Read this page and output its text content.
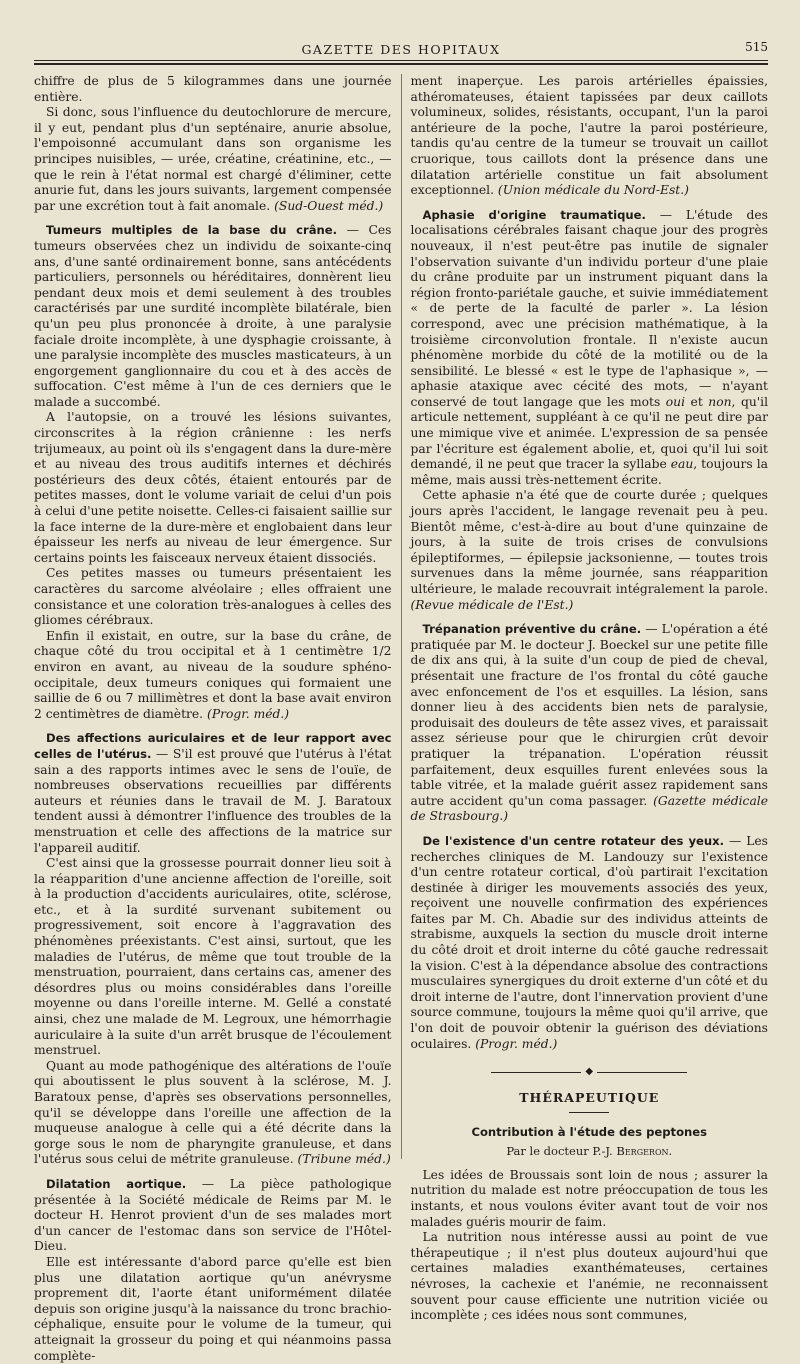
GAZETTE DES HOPITAUX	515

chiffre de plus de 5 kilogrammes dans une journée entière.

Si donc, sous l'influence du deutochlorure de mercure, il y eut, pendant plus d'un septénaire, anurie absolue, l'empoisonné accumulant dans son organisme les principes nuisibles, — urée, créatine, créatinine, etc., — que le rein à l'état normal est chargé d'éliminer, cette anurie fut, dans les jours suivants, largement compensée par une excrétion tout à fait anomale. (Sud-Ouest méd.)

Tumeurs multiples de la base du crâne. — Ces tumeurs observées chez un individu de soixante-cinq ans, d'une santé ordinairement bonne, sans antécédents particuliers, personnels ou héréditaires, donnèrent lieu pendant deux mois et demi seulement à des troubles caractérisés par une surdité incomplète bilatérale, bien qu'un peu plus prononcée à droite, à une paralysie faciale droite incomplète, à une dysphagie croissante, à une paralysie incomplète des muscles masticateurs, à un engorgement ganglionnaire du cou et à des accès de suffocation. C'est même à l'un de ces derniers que le malade a succombé.

A l'autopsie, on a trouvé les lésions suivantes, circonscrites à la région crânienne : les nerfs trijumeaux, au point où ils s'engagent dans la dure-mère et au niveau des trous auditifs internes et déchirés postérieurs des deux côtés, étaient entourés par de petites masses, dont le volume variait de celui d'un pois à celui d'une petite noisette. Celles-ci faisaient saillie sur la face interne de la dure-mère et englobaient dans leur épaisseur les nerfs au niveau de leur émergence. Sur certains points les faisceaux nerveux étaient dissociés.

Ces petites masses ou tumeurs présentaient les caractères du sarcome alvéolaire ; elles offraient une consistance et une coloration très-analogues à celles des gliomes cérébraux.

Enfin il existait, en outre, sur la base du crâne, de chaque côté du trou occipital et à 1 centimètre 1/2 environ en avant, au niveau de la soudure sphéno-occipitale, deux tumeurs coniques qui formaient une saillie de 6 ou 7 millimètres et dont la base avait environ 2 centimètres de diamètre. (Progr. méd.)

Des affections auriculaires et de leur rapport avec celles de l'utérus. — S'il est prouvé que l'utérus à l'état sain a des rapports intimes avec le sens de l'ouïe, de nombreuses observations recueillies par différents auteurs et réunies dans le travail de M. J. Baratoux tendent aussi à démontrer l'influence des troubles de la menstruation et celle des affections de la matrice sur l'appareil auditif.

C'est ainsi que la grossesse pourrait donner lieu soit à la réapparition d'une ancienne affection de l'oreille, soit à la production d'accidents auriculaires, otite, sclérose, etc., et à la surdité survenant subitement ou progressivement, soit encore à l'aggravation des phénomènes préexistants. C'est ainsi, surtout, que les maladies de l'utérus, de même que tout trouble de la menstruation, pourraient, dans certains cas, amener des désordres plus ou moins considérables dans l'oreille moyenne ou dans l'oreille interne. M. Gellé a constaté ainsi, chez une malade de M. Legroux, une hémorrhagie auriculaire à la suite d'un arrêt brusque de l'écoulement menstruel.

Quant au mode pathogénique des altérations de l'ouïe qui aboutissent le plus souvent à la sclérose, M. J. Baratoux pense, d'après ses observations personnelles, qu'il se développe dans l'oreille une affection de la muqueuse analogue à celle qui a été décrite dans la gorge sous le nom de pharyngite granuleuse, et dans l'utérus sous celui de métrite granuleuse. (Tribune méd.)

Dilatation aortique. — La pièce pathologique présentée à la Société médicale de Reims par M. le docteur H. Henrot provient d'un de ses malades mort d'un cancer de l'estomac dans son service de l'Hôtel-Dieu.

Elle est intéressante d'abord parce qu'elle est bien plus une dilatation aortique qu'un anévrysme proprement dit, l'aorte étant uniformément dilatée depuis son origine jusqu'à la naissance du tronc brachio-céphalique, ensuite pour le volume de la tumeur, qui atteignait la grosseur du poing et qui néanmoins passa complète-

ment inaperçue. Les parois artérielles épaissies, athéromateuses, étaient tapissées par deux caillots volumineux, solides, résistants, occupant, l'un la paroi antérieure de la poche, l'autre la paroi postérieure, tandis qu'au centre de la tumeur se trouvait un caillot cruorique, tous caillots dont la présence dans une dilatation artérielle constitue un fait absolument exceptionnel. (Union médicale du Nord-Est.)

Aphasie d'origine traumatique. — L'étude des localisations cérébrales faisant chaque jour des progrès nouveaux, il n'est peut-être pas inutile de signaler l'observation suivante d'un individu porteur d'une plaie du crâne produite par un instrument piquant dans la région fronto-pariétale gauche, et suivie immédiatement « de perte de la faculté de parler ». La lésion correspond, avec une précision mathématique, à la troisième circonvolution frontale. Il n'existe aucun phénomène morbide du côté de la motilité ou de la sensibilité. Le blessé « est le type de l'aphasique », — aphasie ataxique avec cécité des mots, — n'ayant conservé de tout langage que les mots oui et non, qu'il articule nettement, suppléant à ce qu'il ne peut dire par une mimique vive et animée. L'expression de sa pensée par l'écriture est également abolie, et, quoi qu'il lui soit demandé, il ne peut que tracer la syllabe eau, toujours la même, mais aussi très-nettement écrite.

Cette aphasie n'a été que de courte durée ; quelques jours après l'accident, le langage revenait peu à peu. Bientôt même, c'est-à-dire au bout d'une quinzaine de jours, à la suite de trois crises de convulsions épileptiformes, — épilepsie jacksonienne, — toutes trois survenues dans la même journée, sans réapparition ultérieure, le malade recouvrait intégralement la parole. (Revue médicale de l'Est.)

Trépanation préventive du crâne. — L'opération a été pratiquée par M. le docteur J. Boeckel sur une petite fille de dix ans qui, à la suite d'un coup de pied de cheval, présentait une fracture de l'os frontal du côté gauche avec enfoncement de l'os et esquilles. La lésion, sans donner lieu à des accidents bien nets de paralysie, produisait des douleurs de tête assez vives, et paraissait assez sérieuse pour que le chirurgien crût devoir pratiquer la trépanation. L'opération réussit parfaitement, deux esquilles furent enlevées sous la table vitrée, et la malade guérit assez rapidement sans autre accident qu'un coma passager. (Gazette médicale de Strasbourg.)

De l'existence d'un centre rotateur des yeux. — Les recherches cliniques de M. Landouzy sur l'existence d'un centre rotateur cortical, d'où partirait l'excitation destinée à diriger les mouvements associés des yeux, reçoivent une nouvelle confirmation des expériences faites par M. Ch. Abadie sur des individus atteints de strabisme, auxquels la section du muscle droit interne du côté droit et droit interne du côté gauche redressait la vision. C'est à la dépendance absolue des contractions musculaires synergiques du droit externe d'un côté et du droit interne de l'autre, dont l'innervation provient d'une source commune, toujours la même quoi qu'il arrive, que l'on doit de pouvoir obtenir la guérison des déviations oculaires. (Progr. méd.)

◆
THÉRAPEUTIQUE
Contribution à l'étude des peptones
Par le docteur P.-J. Bergeron.

Les idées de Broussais sont loin de nous ; assurer la nutrition du malade est notre préoccupation de tous les instants, et nous voulons éviter avant tout de voir nos malades guéris mourir de faim.

La nutrition nous intéresse aussi au point de vue thérapeutique ; il n'est plus douteux aujourd'hui que certaines maladies exanthémateuses, certaines névroses, la cachexie et l'anémie, ne reconnaissent souvent pour cause efficiente une nutrition viciée ou incomplète ; ces idées nous sont communes,
